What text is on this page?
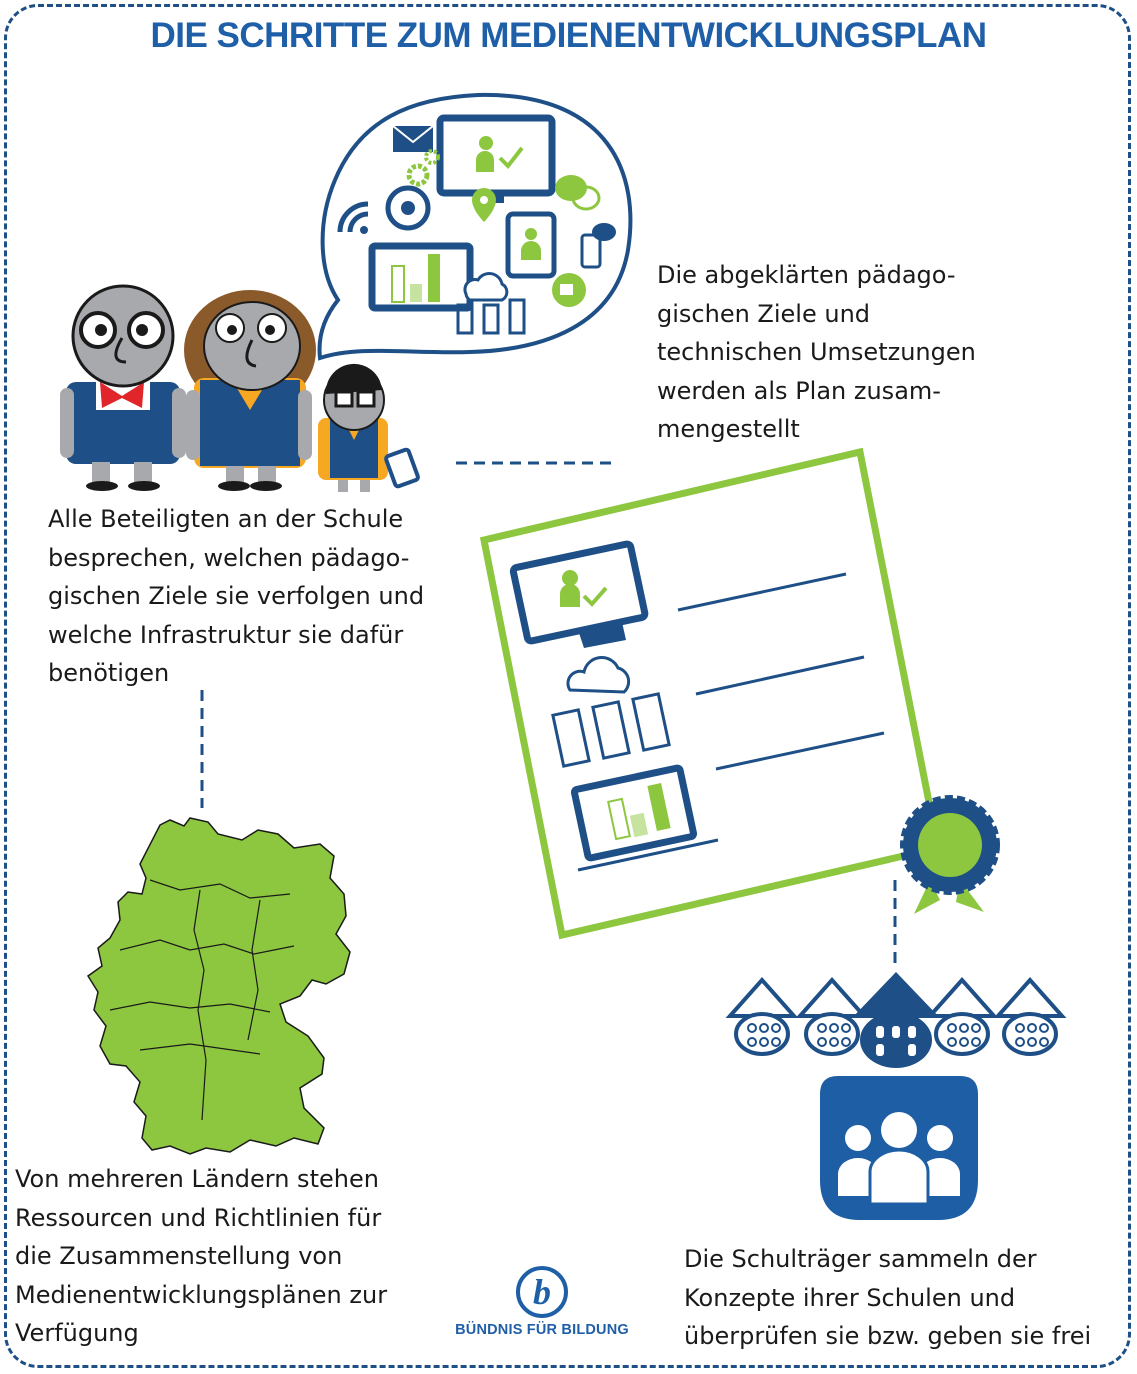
DIE SCHRITTE ZUM MEDIENENTWICKLUNGSPLAN
Alle Beteiligten an der Schule
besprechen, welchen pädago-
gischen Ziele sie verfolgen und
welche Infrastruktur sie dafür
benötigen
Die abgeklärten pädago-
gischen Ziele und
technischen Umsetzungen
werden als Plan zusam-
mengestellt
Von mehreren Ländern stehen
Ressourcen und Richtlinien für
die Zusammenstellung von
Medienentwicklungsplänen zur
Verfügung
Die Schulträger sammeln der
Konzepte ihrer Schulen und
überprüfen sie bzw. geben sie frei
b
BÜNDNIS FÜR BILDUNG
